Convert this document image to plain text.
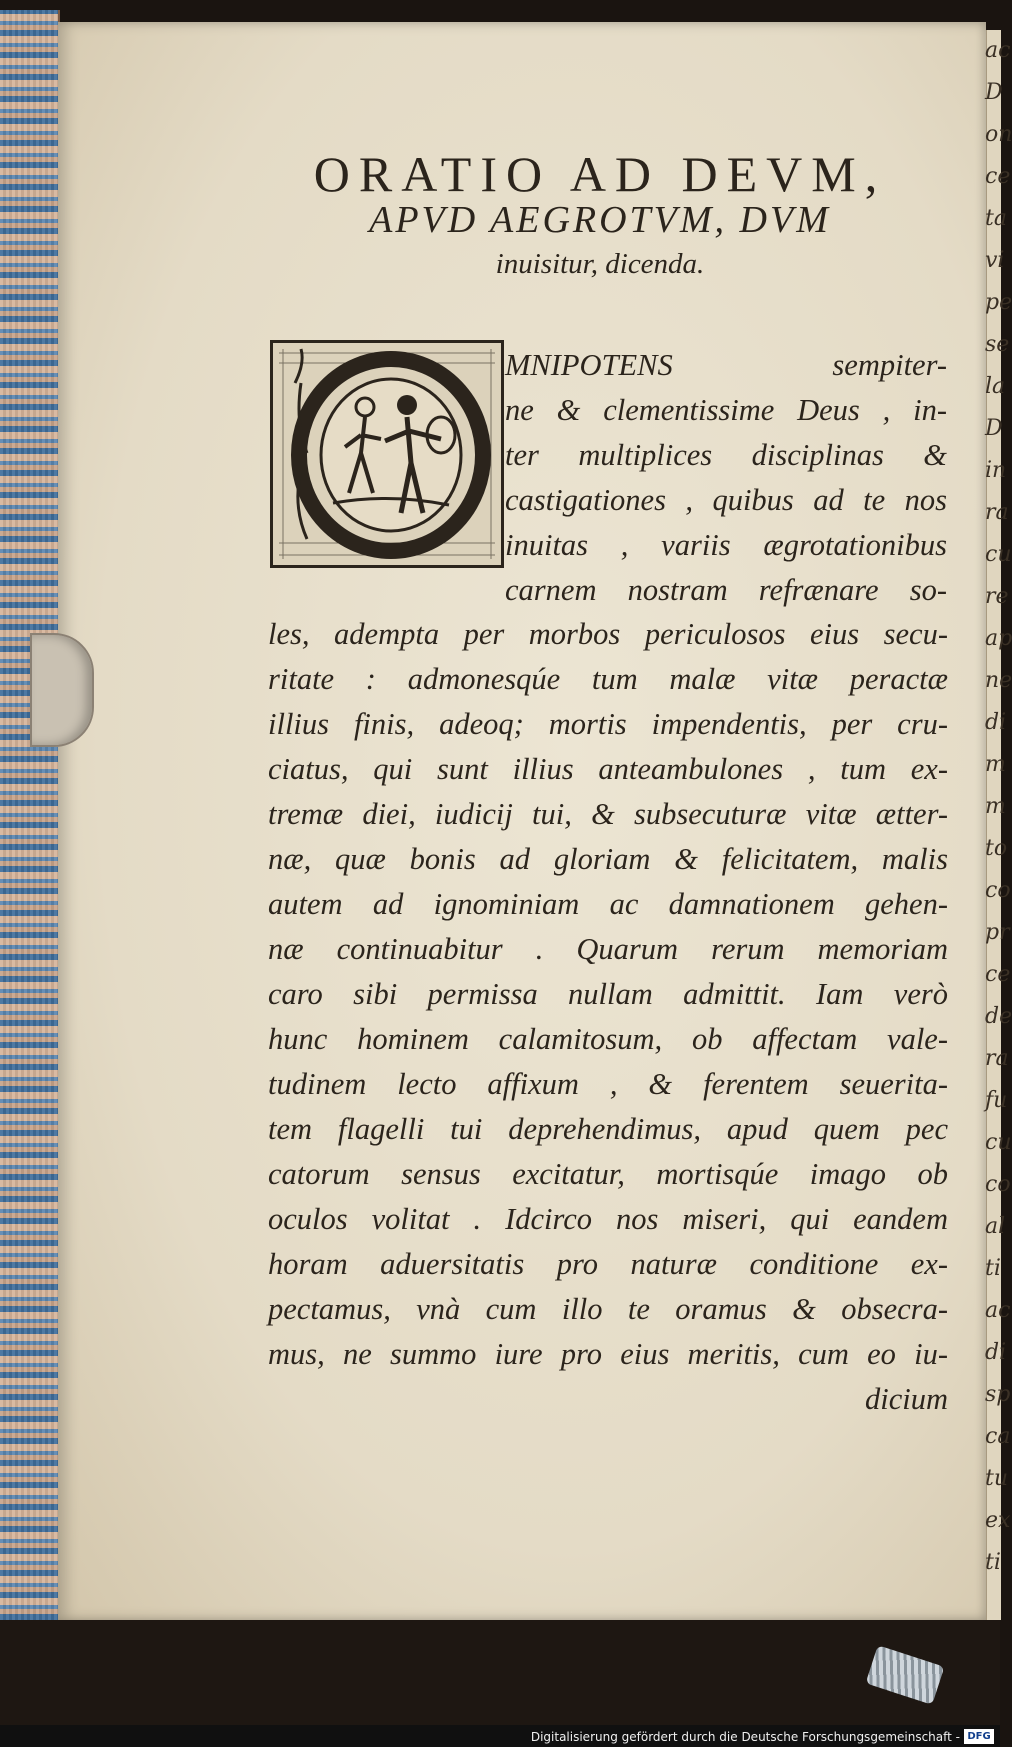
ac
D
on
ce
ta
vi
pe
se
la
D
in
ra
cu
re
ap
ne
di
m
m
to
co
pr
ce
de
ra
fu
cu
co
al
ti
ac
di
sp
ca
tu
ex
ti
ORATIO AD DEVM,
APVD AEGROTVM, DVM
inuisitur, dicenda.
MNIPOTENS sempiter-
ne & clementissime Deus , in-
ter multiplices disciplinas &
castigationes , quibus ad te nos
inuitas , variis ægrotationibus
carnem nostram refrænare so-
les, adempta per morbos periculosos eius secu-
ritate : admonesqúe tum malæ vitæ peractæ
illius finis, adeoq; mortis impendentis, per cru-
ciatus, qui sunt illius anteambulones , tum ex-
tremæ diei, iudicij tui, & subsecuturæ vitæ ætter-
næ, quæ bonis ad gloriam & felicitatem, malis
autem ad ignominiam ac damnationem gehen-
næ continuabitur . Quarum rerum memoriam
caro sibi permissa nullam admittit. Iam verò
hunc hominem calamitosum, ob affectam vale-
tudinem lecto affixum , & ferentem seuerita-
tem flagelli tui deprehendimus, apud quem pec
catorum sensus excitatur, mortisqúe imago ob
oculos volitat . Idcirco nos miseri, qui eandem
horam aduersitatis pro naturæ conditione ex-
pectamus, vnà cum illo te oramus & obsecra-
mus, ne summo iure pro eius meritis, cum eo iu-
dicium
Digitalisierung gefördert durch die Deutsche Forschungsgemeinschaft - DFG
